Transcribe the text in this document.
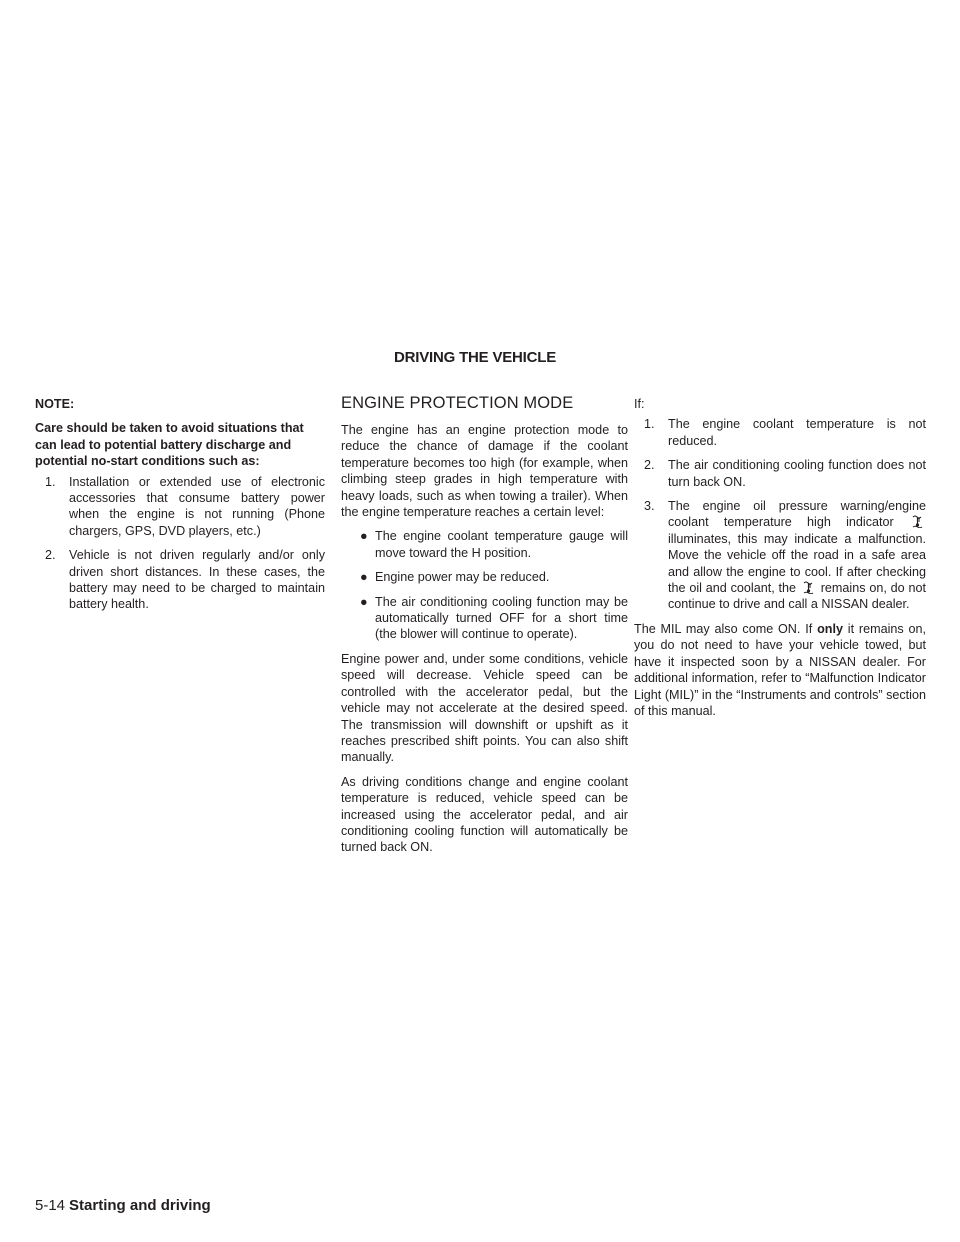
DRIVING THE VEHICLE
NOTE:

Care should be taken to avoid situations that can lead to potential battery discharge and potential no-start conditions such as:

1. Installation or extended use of electronic accessories that consume battery power when the engine is not running (Phone chargers, GPS, DVD players, etc.)
2. Vehicle is not driven regularly and/or only driven short distances. In these cases, the battery may need to be charged to maintain battery health.
ENGINE PROTECTION MODE

The engine has an engine protection mode to reduce the chance of damage if the coolant temperature becomes too high (for example, when climbing steep grades in high temperature with heavy loads, such as when towing a trailer). When the engine temperature reaches a certain level:

● The engine coolant temperature gauge will move toward the H position.
● Engine power may be reduced.
● The air conditioning cooling function may be automatically turned OFF for a short time (the blower will continue to operate).

Engine power and, under some conditions, vehicle speed will decrease. Vehicle speed can be controlled with the accelerator pedal, but the vehicle may not accelerate at the desired speed. The transmission will downshift or upshift as it reaches prescribed shift points. You can also shift manually.

As driving conditions change and engine coolant temperature is reduced, vehicle speed can be increased using the accelerator pedal, and air conditioning cooling function will automatically be turned back ON.

If:
1. The engine coolant temperature is not reduced.
2. The air conditioning cooling function does not turn back ON.
3. The engine oil pressure warning/engine coolant temperature high indicator  illuminates, this may indicate a malfunction. Move the vehicle off the road in a safe area and allow the engine to cool. If after checking the oil and coolant, the remains on, do not continue to drive and call a NISSAN dealer.

The MIL may also come ON. If only it remains on, you do not need to have your vehicle towed, but have it inspected soon by a NISSAN dealer. For additional information, refer to “Malfunction Indicator Light (MIL)” in the “Instruments and controls” section of this manual.

5-14 Starting and driving
